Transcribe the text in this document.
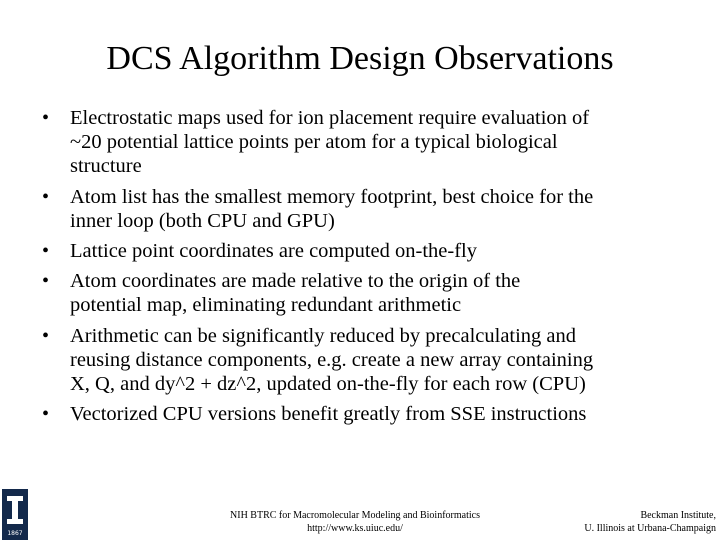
DCS Algorithm Design Observations
•	Electrostatic maps used for ion placement require evaluation of
~20 potential lattice points per atom for a typical biological
structure
•	Atom list has the smallest memory footprint, best choice for the
inner loop (both CPU and GPU)
•	Lattice point coordinates are computed on-the-fly
•	Atom coordinates are made relative to the origin of the
potential map, eliminating redundant arithmetic
•	Arithmetic can be significantly reduced by precalculating and
reusing distance components, e.g. create a new array containing
X, Q, and dy^2 + dz^2, updated on-the-fly for each row (CPU)
•	Vectorized CPU versions benefit greatly from SSE instructions
1867
NIH BTRC for Macromolecular Modeling and Bioinformatics
http://www.ks.uiuc.edu/
Beckman Institute,
U. Illinois at Urbana-Champaign
